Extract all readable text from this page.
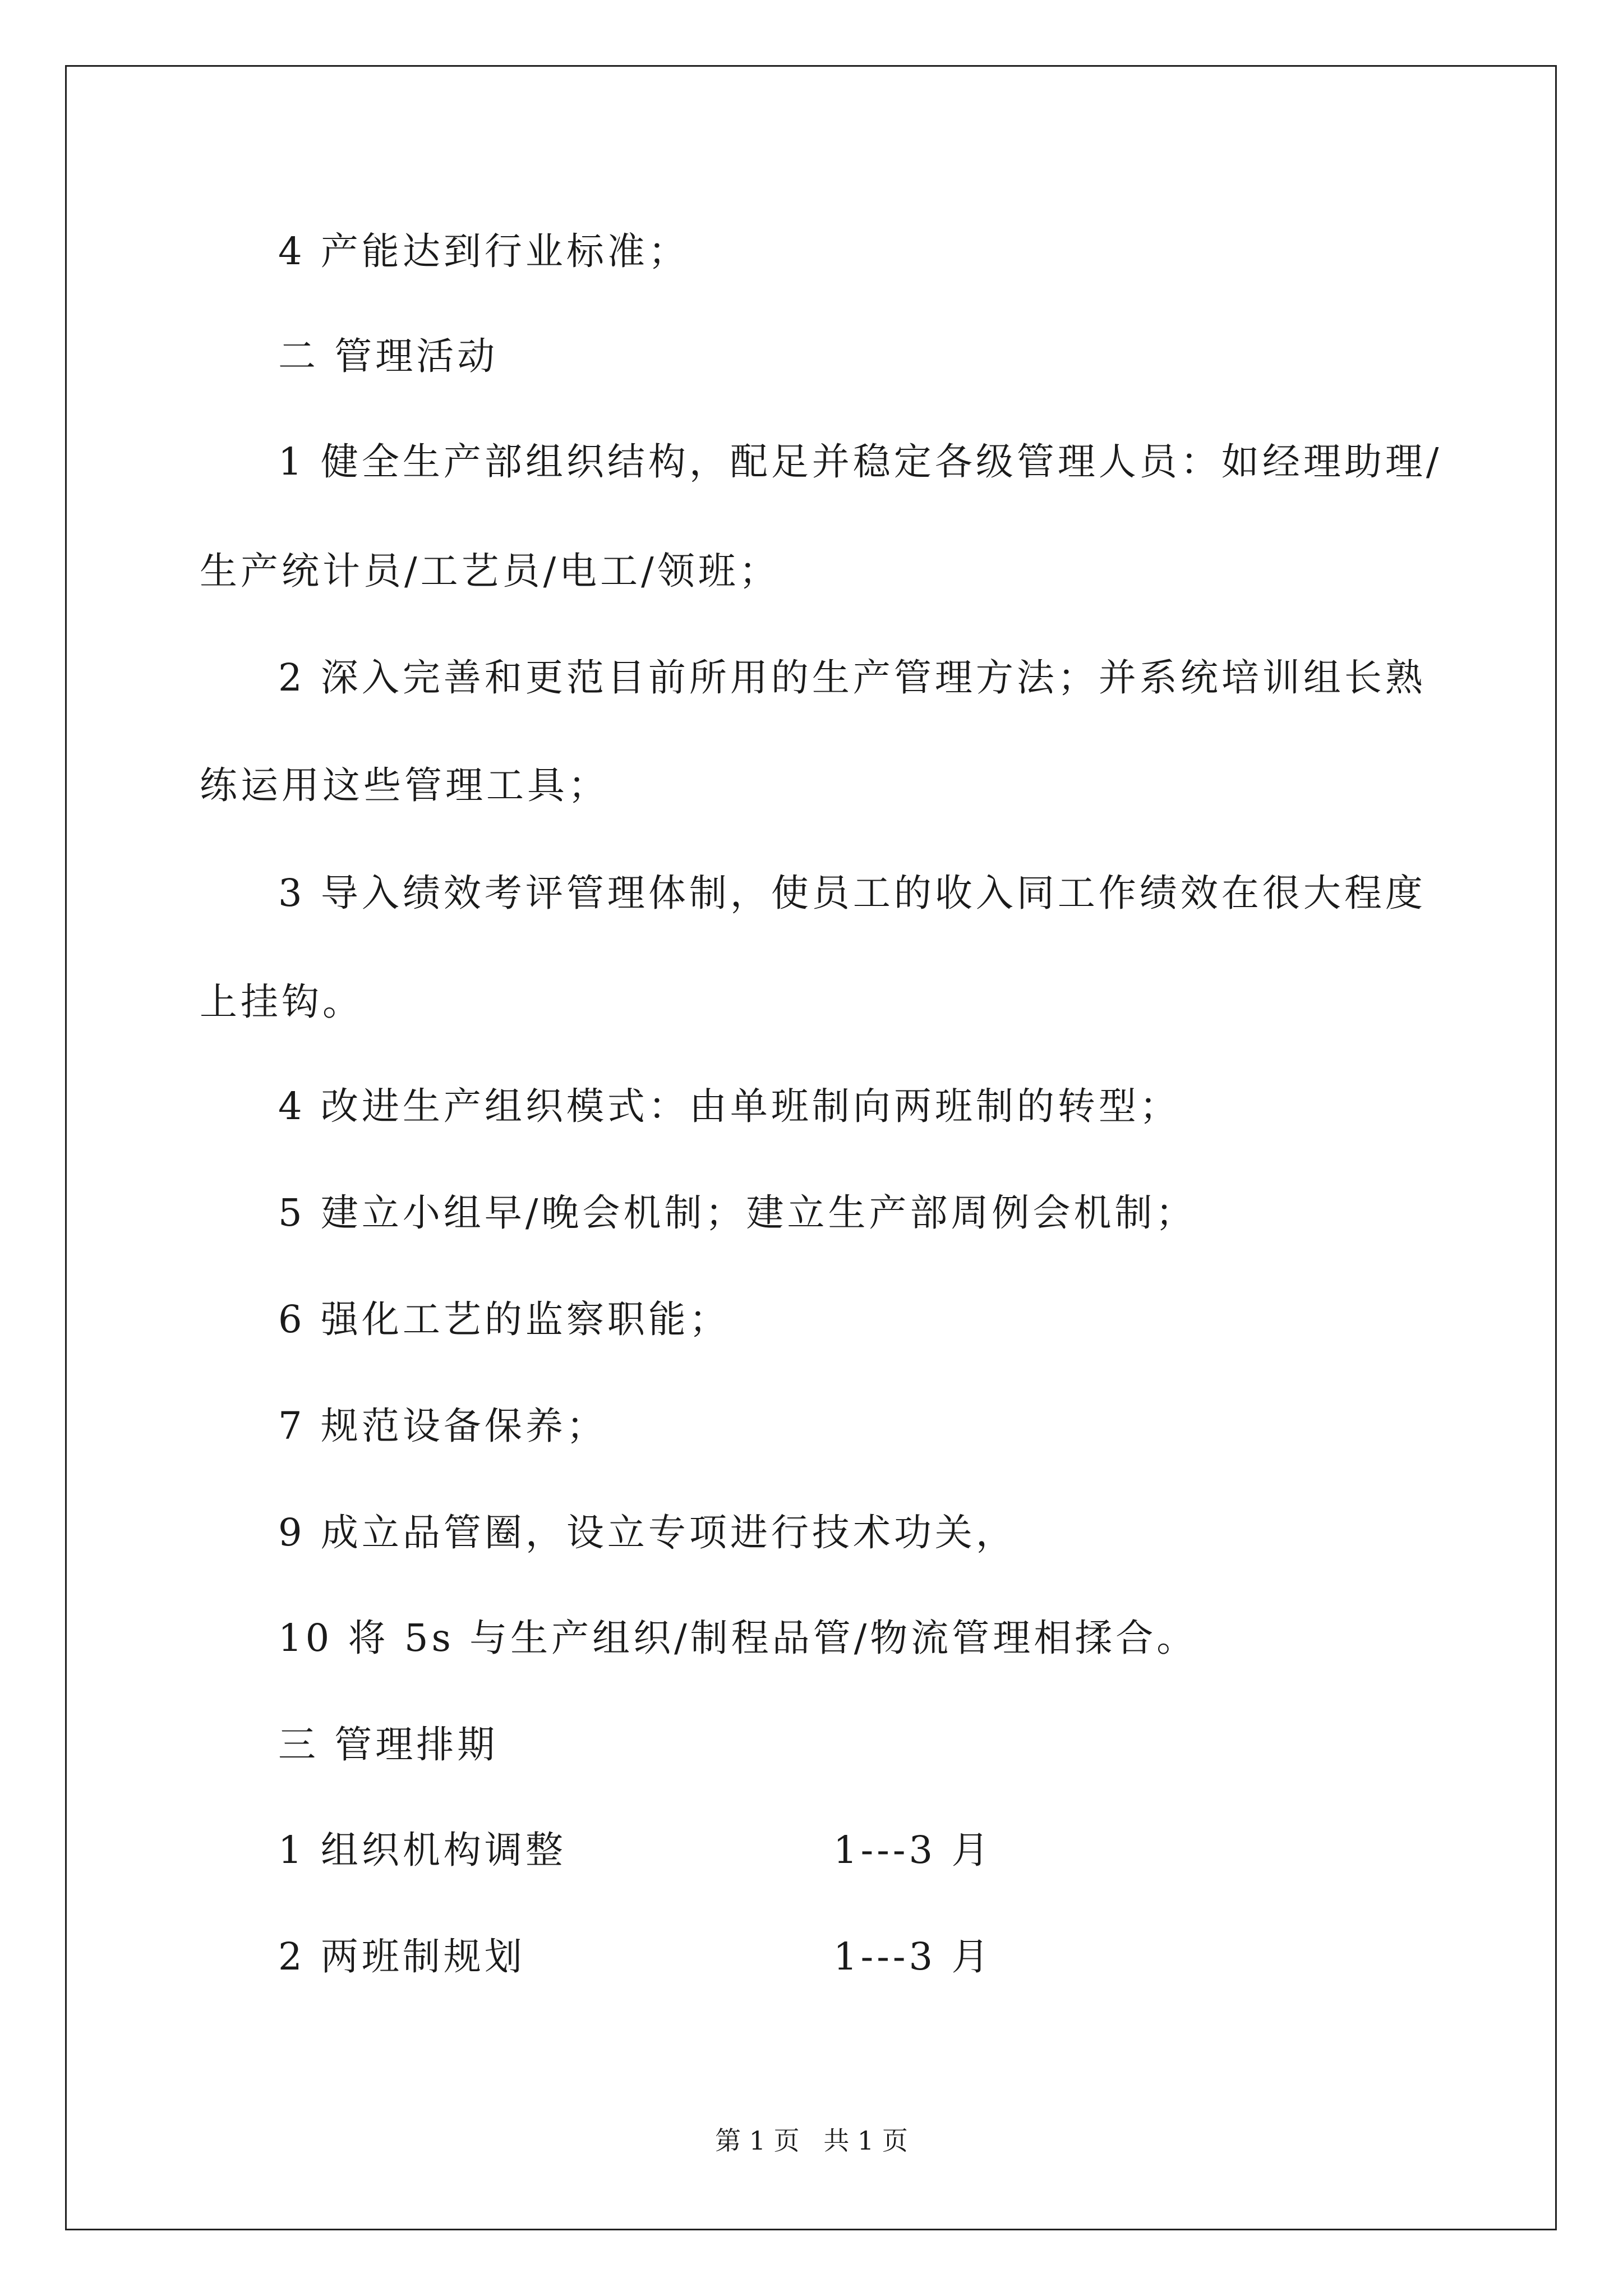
4 产能达到行业标准；
二 管理活动
1 健全生产部组织结构，配足并稳定各级管理人员：如经理助理/
生产统计员/工艺员/电工/领班；
2 深入完善和更范目前所用的生产管理方法；并系统培训组长熟
练运用这些管理工具；
3 导入绩效考评管理体制，使员工的收入同工作绩效在很大程度
上挂钩。
4 改进生产组织模式：由单班制向两班制的转型；
5 建立小组早/晚会机制；建立生产部周例会机制；
6 强化工艺的监察职能；
7 规范设备保养；
9 成立品管圈，设立专项进行技术功关，
10 将 5s 与生产组织/制程品管/物流管理相揉合。
三 管理排期
1 组织机构调整	1---3 月
2 两班制规划	1---3 月
第 1 页 共 1 页
